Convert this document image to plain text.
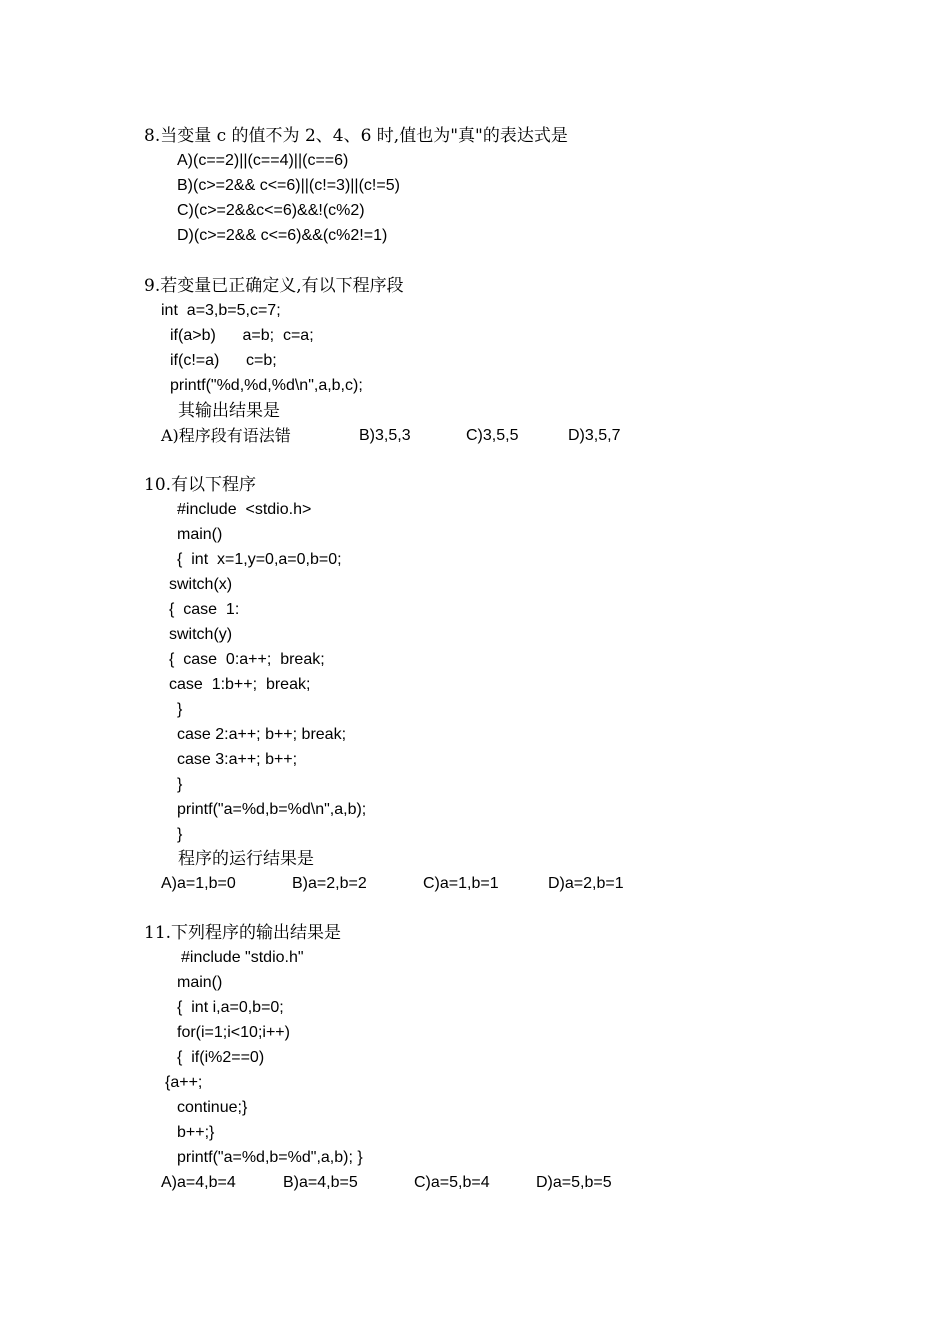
8.当变量 c 的值不为 2、4、6 时,值也为"真"的表达式是
A)(c==2)||(c==4)||(c==6)
B)(c>=2&& c<=6)||(c!=3)||(c!=5)
C)(c>=2&&c<=6)&&!(c%2)
D)(c>=2&& c<=6)&&(c%2!=1)
9.若变量已正确定义,有以下程序段
int  a=3,b=5,c=7;
if(a>b)      a=b;  c=a;
if(c!=a)      c=b;
printf("%d,%d,%d\n",a,b,c);
其输出结果是
A)程序段有语法错	B)3,5,3	C)3,5,5	D)3,5,7
10.有以下程序
#include  <stdio.h>
main()
{  int  x=1,y=0,a=0,b=0;
switch(x)
{  case  1:
switch(y)
{  case  0:a++;  break;
case  1:b++;  break;
}
case 2:a++; b++; break;
case 3:a++; b++;
}
printf("a=%d,b=%d\n",a,b);
}
程序的运行结果是
A)a=1,b=0	B)a=2,b=2	C)a=1,b=1	D)a=2,b=1
11.下列程序的输出结果是
#include "stdio.h"
main()
{  int i,a=0,b=0;
for(i=1;i<10;i++)
{  if(i%2==0)
{a++;
continue;}
b++;}
printf("a=%d,b=%d",a,b); }
A)a=4,b=4	B)a=4,b=5	C)a=5,b=4	D)a=5,b=5
